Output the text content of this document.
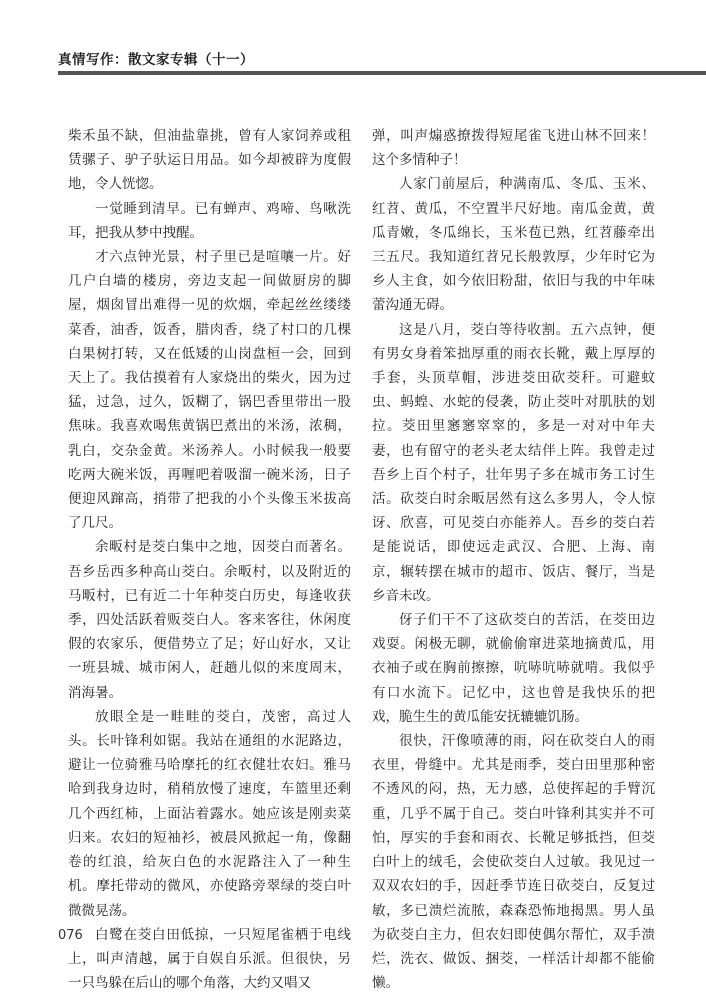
真情写作：散文家专辑（十一）

柴禾虽不缺，但油盐靠挑，曾有人家饲养或租赁骡子、驴子驮运日用品。如今却被辟为度假地，令人恍惚。

一觉睡到清早。已有蝉声、鸡啼、鸟啾洗耳，把我从梦中拽醒。

才六点钟光景，村子里已是喧嚷一片。好几户白墙的楼房，旁边支起一间做厨房的脚屋，烟囱冒出难得一见的炊烟，牵起丝丝缕缕菜香，油香，饭香，腊肉香，绕了村口的几棵白果树打转，又在低矮的山岗盘桓一会，回到天上了。我估摸着有人家烧出的柴火，因为过猛，过急，过久，饭糊了，锅巴香里带出一股焦味。我喜欢喝焦黄锅巴煮出的米汤，浓稠，乳白，交杂金黄。米汤养人。小时候我一般要吃两大碗米饭，再喱吧着吸溜一碗米汤，日子便迎风蹿高，捎带了把我的小个头像玉米拔高了几尺。

余畈村是茭白集中之地，因茭白而著名。吾乡岳西多种高山茭白。余畈村，以及附近的马畈村，已有近二十年种茭白历史，每逢收获季，四处活跃着贩茭白人。客来客往，休闲度假的农家乐，便借势立了足；好山好水，又让一班县城、城市闲人，赶趟儿似的来度周末，消海暑。

放眼全是一畦畦的茭白，茂密，高过人头。长叶锋利如锯。我站在通组的水泥路边，避让一位骑雅马哈摩托的红衣健壮农妇。雅马哈到我身边时，稍稍放慢了速度，车篮里还剩几个西红柿，上面沾着露水。她应该是刚卖菜归来。农妇的短袖衫，被晨风掀起一角，像翻卷的红浪，给灰白色的水泥路注入了一种生机。摩托带动的微风，亦使路旁翠绿的茭白叶微微晃荡。

白鹭在茭白田低掠，一只短尾雀栖于电线上，叫声清越，属于自娱自乐派。但很快，另一只鸟躲在后山的哪个角落，大约又唱又

弹，叫声煽惑撩拨得短尾雀飞进山林不回来！这个多情种子！

人家门前屋后，种满南瓜、冬瓜、玉米、红苕、黄瓜，不空置半尺好地。南瓜金黄，黄瓜青嫩，冬瓜绵长，玉米苞已熟，红苕藤牵出三五尺。我知道红苕兄长般敦厚，少年时它为乡人主食，如今依旧粉甜，依旧与我的中年味蕾沟通无碍。

这是八月，茭白等待收割。五六点钟，便有男女身着笨拙厚重的雨衣长靴，戴上厚厚的手套，头顶草帽，涉进茭田砍茭秆。可避蚊虫、蚂蝗、水蛇的侵袭，防止茭叶对肌肤的划拉。茭田里窸窸窣窣的，多是一对对中年夫妻，也有留守的老头老太结伴上阵。我曾走过吾乡上百个村子，壮年男子多在城市务工讨生活。砍茭白时余畈居然有这么多男人，令人惊讶、欣喜，可见茭白亦能养人。吾乡的茭白若是能说话，即使远走武汉、合肥、上海、南京，辗转摆在城市的超市、饭店、餐厅，当是乡音未改。

伢子们干不了这砍茭白的苦活，在茭田边戏耍。闲极无聊，就偷偷窜进菜地摘黄瓜，用衣袖子或在胸前擦擦，吭哧吭哧就啃。我似乎有口水流下。记忆中，这也曾是我快乐的把戏，脆生生的黄瓜能安抚辘辘饥肠。

很快，汗像喷薄的雨，闷在砍茭白人的雨衣里，骨缝中。尤其是雨季，茭白田里那种密不透风的闷，热，无力感，总使挥起的手臂沉重，几乎不属于自己。茭白叶锋利其实并不可怕，厚实的手套和雨衣、长靴足够抵挡，但茭白叶上的绒毛，会使砍茭白人过敏。我见过一双双农妇的手，因赶季节连日砍茭白，反复过敏，多已溃烂流脓，森森恐怖地揭黑。男人虽为砍茭白主力，但农妇即使偶尔帮忙，双手溃烂，洗衣、做饭、捆茭，一样活计却都不能偷懒。

076
